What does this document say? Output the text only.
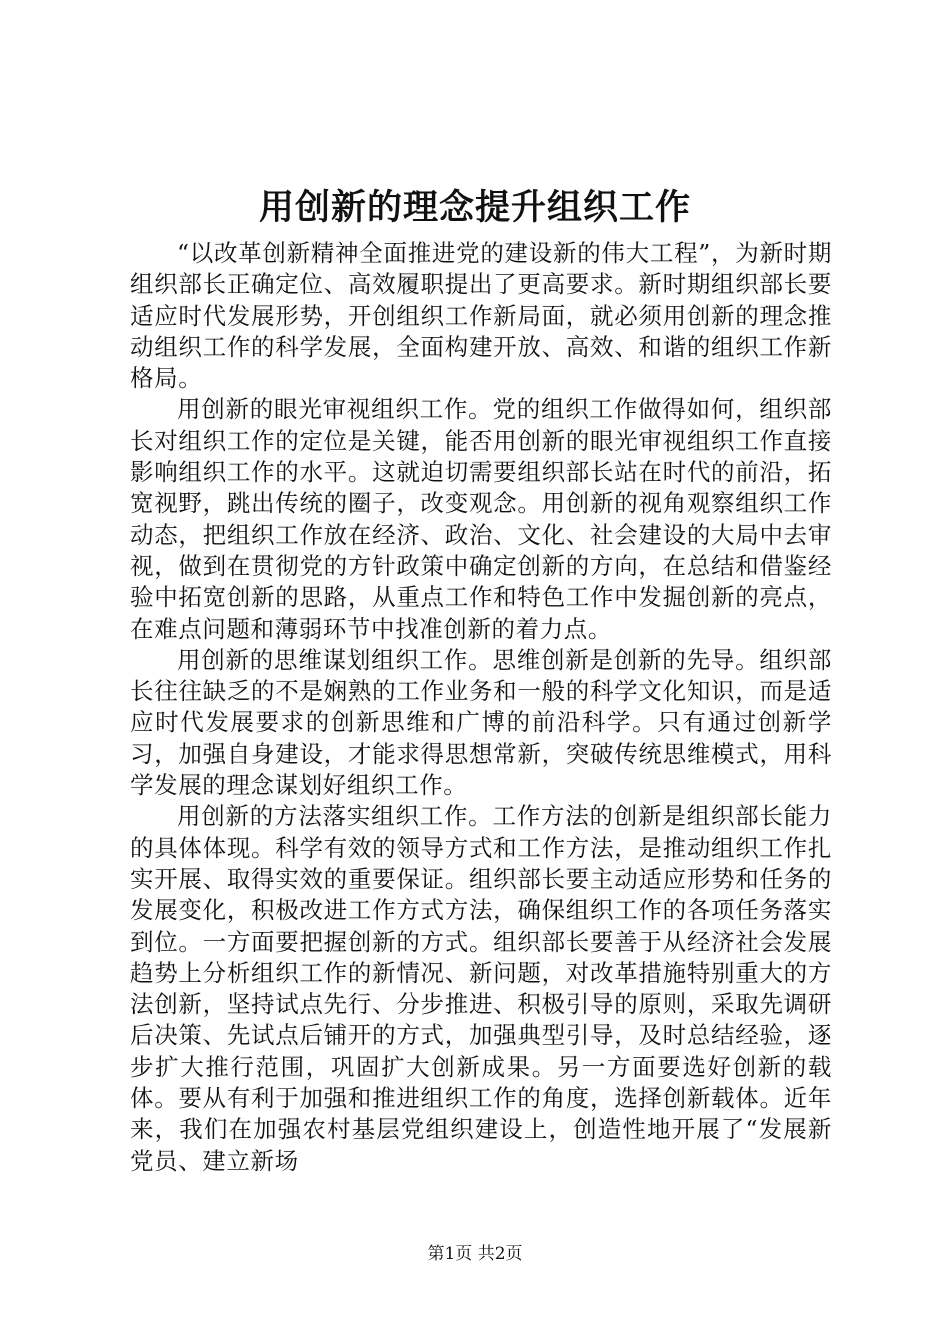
用创新的理念提升组织工作

“以改革创新精神全面推进党的建设新的伟大工程”，为新时期组织部长正确定位、高效履职提出了更高要求。新时期组织部长要适应时代发展形势，开创组织工作新局面，就必须用创新的理念推动组织工作的科学发展，全面构建开放、高效、和谐的组织工作新格局。

用创新的眼光审视组织工作。党的组织工作做得如何，组织部长对组织工作的定位是关键，能否用创新的眼光审视组织工作直接影响组织工作的水平。这就迫切需要组织部长站在时代的前沿，拓宽视野，跳出传统的圈子，改变观念。用创新的视角观察组织工作动态，把组织工作放在经济、政治、文化、社会建设的大局中去审视，做到在贯彻党的方针政策中确定创新的方向，在总结和借鉴经验中拓宽创新的思路，从重点工作和特色工作中发掘创新的亮点，在难点问题和薄弱环节中找准创新的着力点。

用创新的思维谋划组织工作。思维创新是创新的先导。组织部长往往缺乏的不是娴熟的工作业务和一般的科学文化知识，而是适应时代发展要求的创新思维和广博的前沿科学。只有通过创新学习，加强自身建设，才能求得思想常新，突破传统思维模式，用科学发展的理念谋划好组织工作。

用创新的方法落实组织工作。工作方法的创新是组织部长能力的具体体现。科学有效的领导方式和工作方法，是推动组织工作扎实开展、取得实效的重要保证。组织部长要主动适应形势和任务的发展变化，积极改进工作方式方法，确保组织工作的各项任务落实到位。一方面要把握创新的方式。组织部长要善于从经济社会发展趋势上分析组织工作的新情况、新问题，对改革措施特别重大的方法创新，坚持试点先行、分步推进、积极引导的原则，采取先调研后决策、先试点后铺开的方式，加强典型引导，及时总结经验，逐步扩大推行范围，巩固扩大创新成果。另一方面要选好创新的载体。要从有利于加强和推进组织工作的角度，选择创新载体。近年来，我们在加强农村基层党组织建设上，创造性地开展了“发展新党员、建立新场

第1页 共2页
